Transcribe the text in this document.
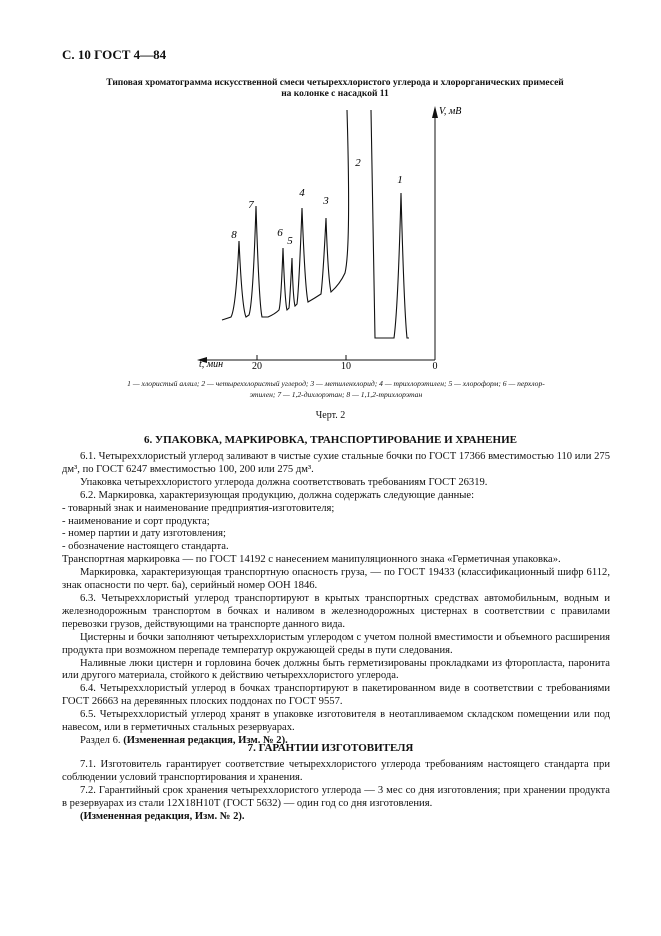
С. 10 ГОСТ 4—84
Типовая хроматограмма искусственной смеси четыреххлористого углерода и хлорорганических примесей
на колонке с насадкой 11
V, мВ
t, мин	20	10	0
8
7
6
5
4
3
2
1
1 — хлористый аллил; 2 — четыреххлористый углерод; 3 — метиленхлорид; 4 — трихлорэтилен; 5 — хлороформ; 6 — перхлор-
этилен; 7 — 1,2-дихлорэтан; 8 — 1,1,2-трихлорэтан
Черт. 2
6. УПАКОВКА, МАРКИРОВКА, ТРАНСПОРТИРОВАНИЕ И ХРАНЕНИЕ

6.1. Четыреххлористый углерод заливают в чистые сухие стальные бочки по ГОСТ 17366 вместимостью 110 или 275 дм³, по ГОСТ 6247 вместимостью 100, 200 или 275 дм³.

Упаковка четыреххлористого углерода должна соответствовать требованиям ГОСТ 26319.

6.2. Маркировка, характеризующая продукцию, должна содержать следующие данные:

- товарный знак и наименование предприятия-изготовителя;

- наименование и сорт продукта;

- номер партии и дату изготовления;

- обозначение настоящего стандарта.

Транспортная маркировка — по ГОСТ 14192 с нанесением манипуляционного знака «Герметичная упаковка».

Маркировка, характеризующая транспортную опасность груза, — по ГОСТ 19433 (классификационный шифр 6112, знак опасности по черт. 6а), серийный номер ООН 1846.

6.3. Четыреххлористый углерод транспортируют в крытых транспортных средствах автомобильным, водным и железнодорожным транспортом в бочках и наливом в железнодорожных цистернах в соответствии с правилами перевозки грузов, действующими на транспорте данного вида.

Цистерны и бочки заполняют четыреххлористым углеродом с учетом полной вместимости и объемного расширения продукта при возможном перепаде температур окружающей среды в пути следования.

Наливные люки цистерн и горловина бочек должны быть герметизированы прокладками из фторопласта, паронита или другого материала, стойкого к действию четыреххлористого углерода.

6.4. Четыреххлористый углерод в бочках транспортируют в пакетированном виде в соответствии с требованиями ГОСТ 26663 на деревянных плоских поддонах по ГОСТ 9557.

6.5. Четыреххлористый углерод хранят в упаковке изготовителя в неотапливаемом складском помещении или под навесом, или в герметичных стальных резервуарах.

Раздел 6. (Измененная редакция, Изм. № 2).

7. ГАРАНТИИ ИЗГОТОВИТЕЛЯ

7.1. Изготовитель гарантирует соответствие четыреххлористого углерода требованиям настоящего стандарта при соблюдении условий транспортирования и хранения.

7.2. Гарантийный срок хранения четыреххлористого углерода — 3 мес со дня изготовления; при хранении продукта в резервуарах из стали 12Х18Н10Т (ГОСТ 5632) — один год со дня изготовления.

(Измененная редакция, Изм. № 2).
